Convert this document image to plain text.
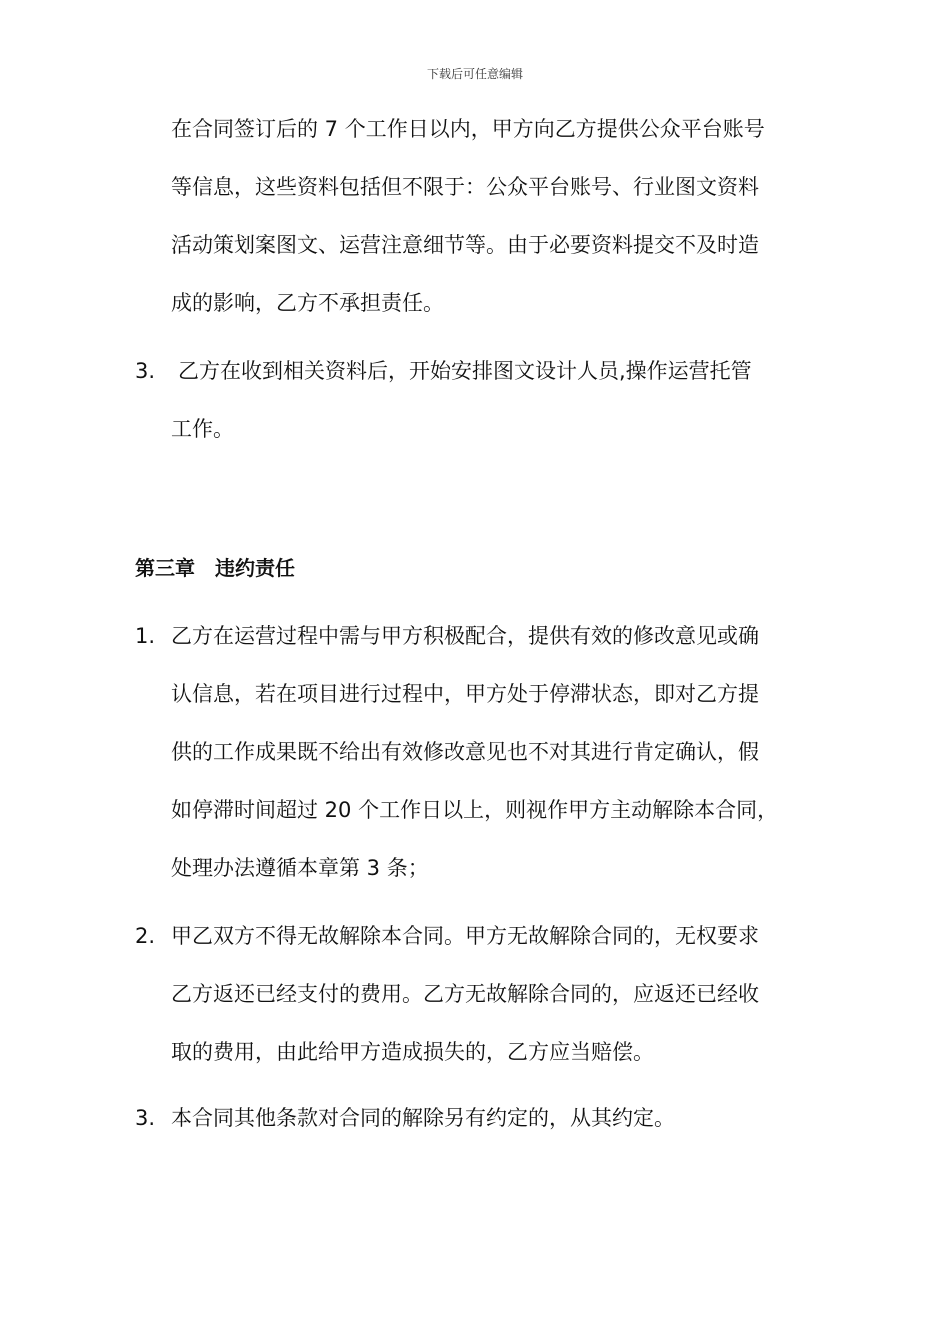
下载后可任意编辑
在合同签订后的 7 个工作日以内，甲方向乙方提供公众平台账号
等信息，这些资料包括但不限于：公众平台账号、行业图文资料
活动策划案图文、运营注意细节等。由于必要资料提交不及时造
成的影响，乙方不承担责任。
3. 乙方在收到相关资料后，开始安排图文设计人员,操作运营托管
工作。
第三章　违约责任
1. 乙方在运营过程中需与甲方积极配合，提供有效的修改意见或确
认信息，若在项目进行过程中，甲方处于停滞状态，即对乙方提
供的工作成果既不给出有效修改意见也不对其进行肯定确认，假
如停滞时间超过 20 个工作日以上，则视作甲方主动解除本合同，
处理办法遵循本章第 3 条；
2. 甲乙双方不得无故解除本合同。甲方无故解除合同的，无权要求
乙方返还已经支付的费用。乙方无故解除合同的，应返还已经收
取的费用，由此给甲方造成损失的，乙方应当赔偿。
3. 本合同其他条款对合同的解除另有约定的，从其约定。
